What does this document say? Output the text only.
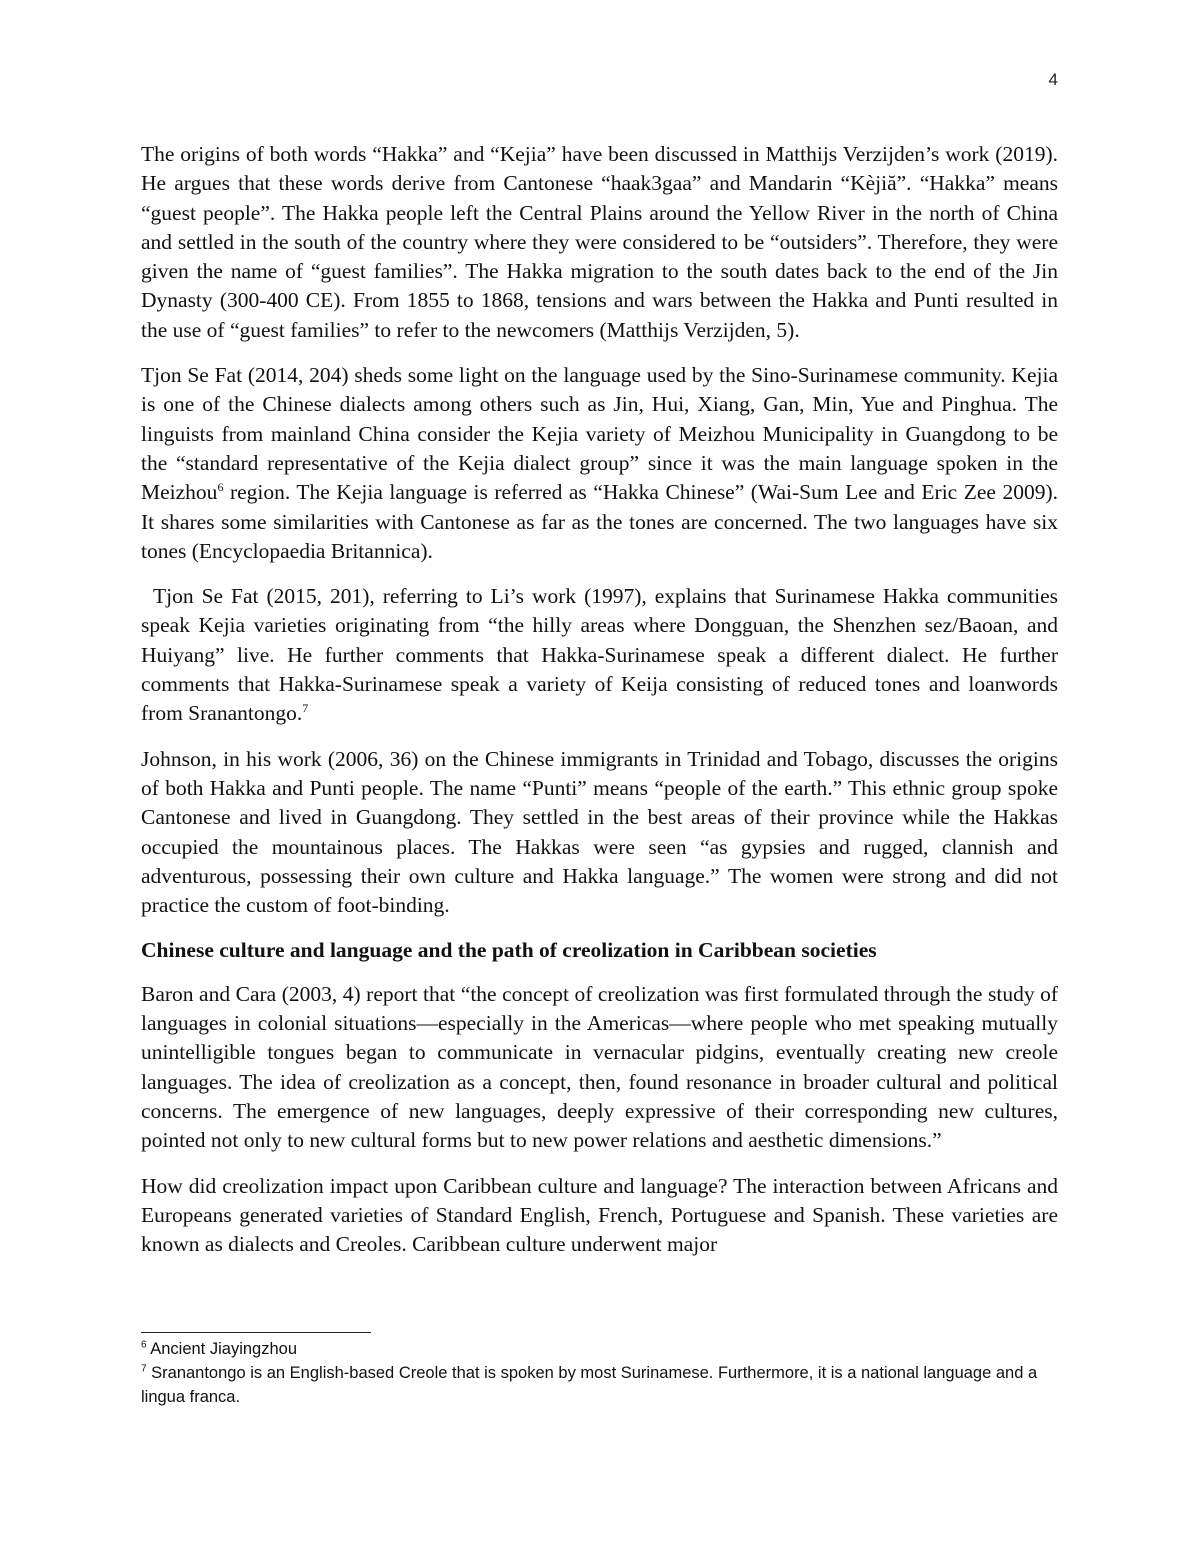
4

The origins of both words “Hakka” and “Kejia” have been discussed in Matthijs Verzijden’s work (2019). He argues that these words derive from Cantonese “haak3gaa” and Mandarin “Kèjiă”. “Hakka” means “guest people”. The Hakka people left the Central Plains around the Yellow River in the north of China and settled in the south of the country where they were considered to be “outsiders”. Therefore, they were given the name of “guest families”. The Hakka migration to the south dates back to the end of the Jin Dynasty (300-400 CE). From 1855 to 1868, tensions and wars between the Hakka and Punti resulted in the use of “guest families” to refer to the newcomers (Matthijs Verzijden, 5).

Tjon Se Fat (2014, 204) sheds some light on the language used by the Sino-Surinamese community. Kejia is one of the Chinese dialects among others such as Jin, Hui, Xiang, Gan, Min, Yue and Pinghua. The linguists from mainland China consider the Kejia variety of Meizhou Municipality in Guangdong to be the “standard representative of the Kejia dialect group” since it was the main language spoken in the Meizhou$^6$ region. The Kejia language is referred as “Hakka Chinese” (Wai-Sum Lee and Eric Zee 2009). It shares some similarities with Cantonese as far as the tones are concerned. The two languages have six tones (Encyclopaedia Britannica).

Tjon Se Fat (2015, 201), referring to Li’s work (1997), explains that Surinamese Hakka communities speak Kejia varieties originating from “the hilly areas where Dongguan, the Shenzhen sez/Baoan, and Huiyang” live. He further comments that Hakka-Surinamese speak a different dialect. He further comments that Hakka-Surinamese speak a variety of Keija consisting of reduced tones and loanwords from Sranantongo.$^7$

Johnson, in his work (2006, 36) on the Chinese immigrants in Trinidad and Tobago, discusses the origins of both Hakka and Punti people. The name “Punti” means “people of the earth.” This ethnic group spoke Cantonese and lived in Guangdong. They settled in the best areas of their province while the Hakkas occupied the mountainous places. The Hakkas were seen “as gypsies and rugged, clannish and adventurous, possessing their own culture and Hakka language.” The women were strong and did not practice the custom of foot-binding.

Chinese culture and language and the path of creolization in Caribbean societies

Baron and Cara (2003, 4) report that “the concept of creolization was first formulated through the study of languages in colonial situations—especially in the Americas—where people who met speaking mutually unintelligible tongues began to communicate in vernacular pidgins, eventually creating new creole languages. The idea of creolization as a concept, then, found resonance in broader cultural and political concerns. The emergence of new languages, deeply expressive of their corresponding new cultures, pointed not only to new cultural forms but to new power relations and aesthetic dimensions.”

How did creolization impact upon Caribbean culture and language? The interaction between Africans and Europeans generated varieties of Standard English, French, Portuguese and Spanish. These varieties are known as dialects and Creoles. Caribbean culture underwent major

$^6$ Ancient Jiayingzhou

$^7$ Sranantongo is an English-based Creole that is spoken by most Surinamese. Furthermore, it is a national language and a lingua franca.
